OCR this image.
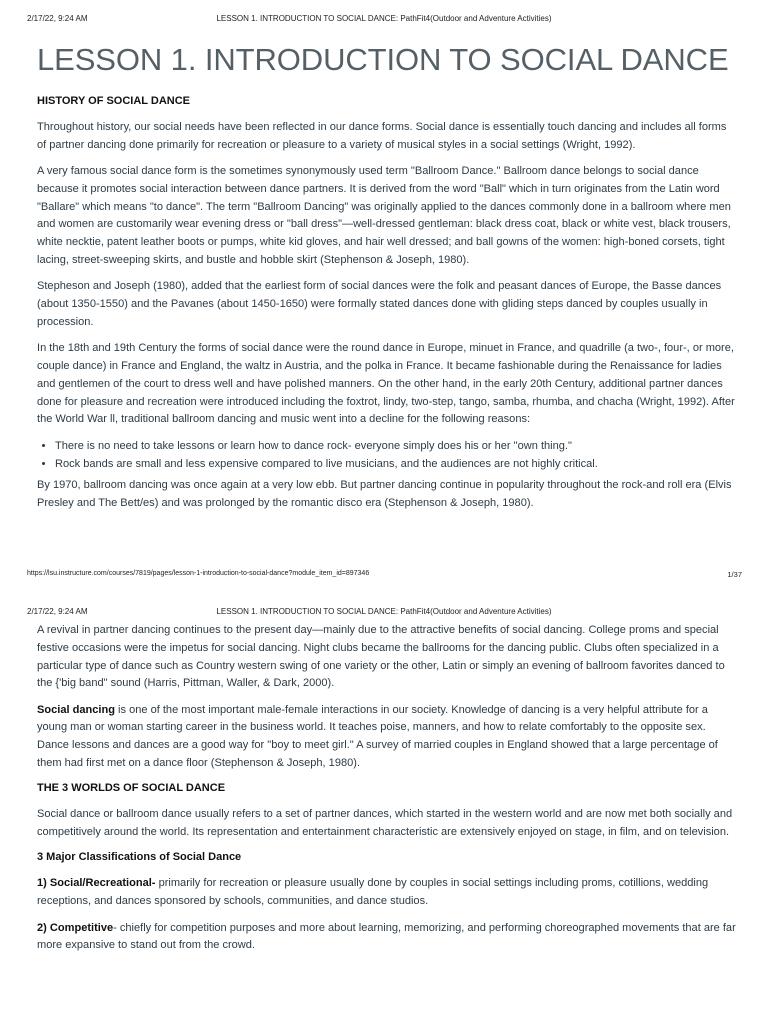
2/17/22, 9:24 AM	LESSON 1. INTRODUCTION TO SOCIAL DANCE: PathFit4(Outdoor and Adventure Activities)
LESSON 1. INTRODUCTION TO SOCIAL DANCE
HISTORY OF SOCIAL DANCE

Throughout history, our social needs have been reflected in our dance forms. Social dance is essentially touch dancing and includes all forms of partner dancing done primarily for recreation or pleasure to a variety of musical styles in a social settings (Wright, 1992).

A very famous social dance form is the sometimes synonymously used term "Ballroom Dance." Ballroom dance belongs to social dance because it promotes social interaction between dance partners. It is derived from the word "Ball" which in turn originates from the Latin word "Ballare" which means "to dance". The term "Ballroom Dancing" was originally applied to the dances commonly done in a ballroom where men and women are customarily wear evening dress or "ball dress"—well-dressed gentleman: black dress coat, black or white vest, black trousers, white necktie, patent leather boots or pumps, white kid gloves, and hair well dressed; and ball gowns of the women: high-boned corsets, tight lacing, street-sweeping skirts, and bustle and hobble skirt (Stephenson & Joseph, 1980).

Stepheson and Joseph (1980), added that the earliest form of social dances were the folk and peasant dances of Europe, the Basse dances (about 1350-1550) and the Pavanes (about 1450-1650) were formally stated dances done with gliding steps danced by couples usually in procession.

In the 18th and 19th Century the forms of social dance were the round dance in Europe, minuet in France, and quadrille (a two-, four-, or more, couple dance) in France and England, the waltz in Austria, and the polka in France. It became fashionable during the Renaissance for ladies and gentlemen of the court to dress well and have polished manners. On the other hand, in the early 20th Century, additional partner dances done for pleasure and recreation were introduced including the foxtrot, lindy, two-step, tango, samba, rhumba, and chacha (Wright, 1992). After the World War ll, traditional ballroom dancing and music went into a decline for the following reasons:

• There is no need to take lessons or learn how to dance rock- everyone simply does his or her "own thing."
• Rock bands are small and less expensive compared to live musicians, and the audiences are not highly critical.

By 1970, ballroom dancing was once again at a very low ebb. But partner dancing continue in popularity throughout the rock-and roll era (Elvis Presley and The Bett/es) and was prolonged by the romantic disco era (Stephenson & Joseph, 1980).

https://lsu.instructure.com/courses/7819/pages/lesson-1-introduction-to-social-dance?module_item_id=897346	1/37
2/17/22, 9:24 AM	LESSON 1. INTRODUCTION TO SOCIAL DANCE: PathFit4(Outdoor and Adventure Activities)

A revival in partner dancing continues to the present day—mainly due to the attractive benefits of social dancing. College proms and special festive occasions were the impetus for social dancing. Night clubs became the ballrooms for the dancing public. Clubs often specialized in a particular type of dance such as Country western swing of one variety or the other, Latin or simply an evening of ballroom favorites danced to the {'big band" sound (Harris, Pittman, Waller, & Dark, 2000).

Social dancing is one of the most important male-female interactions in our society. Knowledge of dancing is a very helpful attribute for a young man or woman starting career in the business world. It teaches poise, manners, and how to relate comfortably to the opposite sex. Dance lessons and dances are a good way for "boy to meet girl." A survey of married couples in England showed that a large percentage of them had first met on a dance floor (Stephenson & Joseph, 1980).

THE 3 WORLDS OF SOCIAL DANCE

Social dance or ballroom dance usually refers to a set of partner dances, which started in the western world and are now met both socially and competitively around the world. Its representation and entertainment characteristic are extensively enjoyed on stage, in film, and on television.

3 Major Classifications of Social Dance

1) Social/Recreational- primarily for recreation or pleasure usually done by couples in social settings including proms, cotillions, wedding receptions, and dances sponsored by schools, communities, and dance studios.

2) Competitive- chiefly for competition purposes and more about learning, memorizing, and performing choreographed movements that are far more expansive to stand out from the crowd.
